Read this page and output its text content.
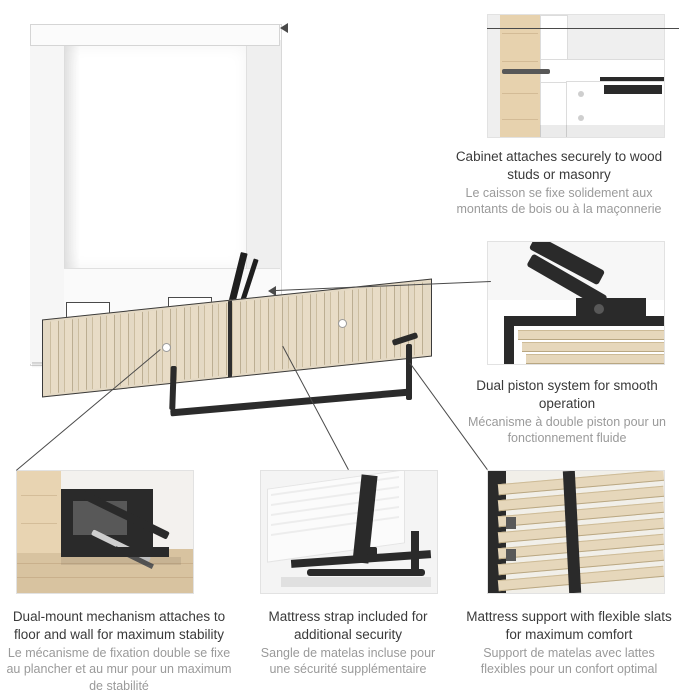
Cabinet attaches securely to wood studs or masonry
Le caisson se fixe solidement aux montants de bois ou à la maçonnerie
Dual piston system for smooth operation
Mécanisme à double piston pour un fonctionnement fluide
Dual-mount mechanism attaches to floor and wall for maximum stability
Le mécanisme de fixation double se fixe au plancher et au mur pour un maximum de stabilité
Mattress strap included for additional security
Sangle de matelas incluse pour une sécurité supplémentaire
Mattress support with flexible slats for maximum comfort
Support de matelas avec lattes flexibles pour un confort optimal
